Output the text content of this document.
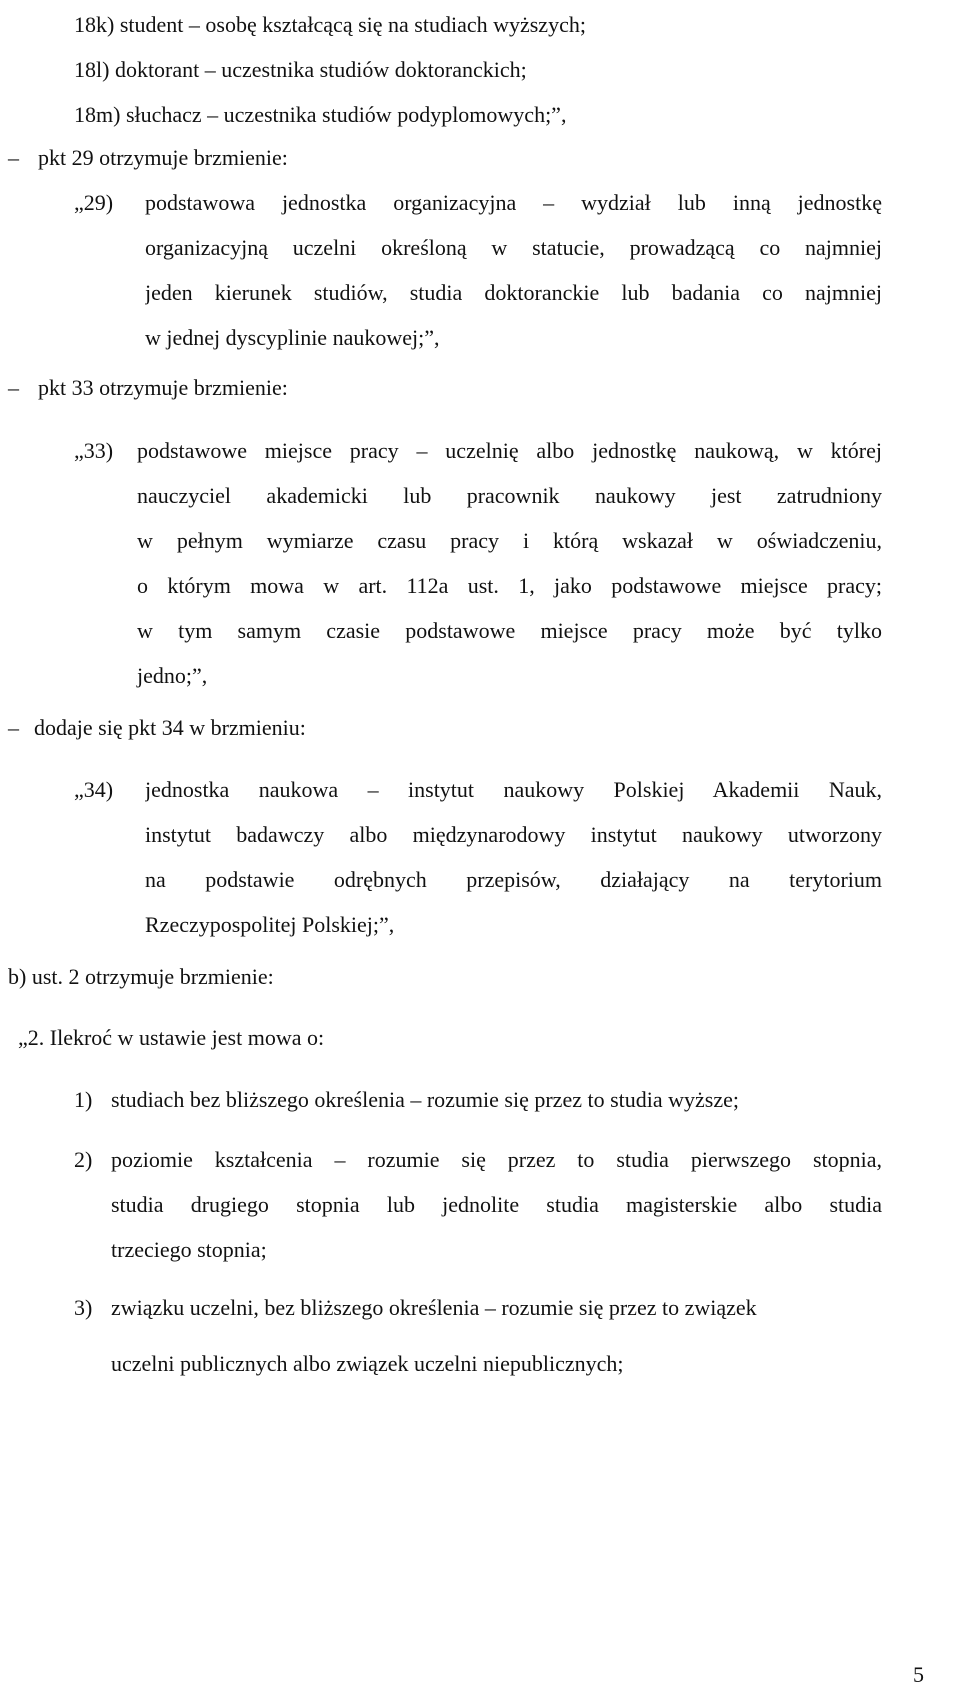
18k) student – osobę kształcącą się na studiach wyższych;
18l) doktorant – uczestnika studiów doktoranckich;
18m) słuchacz – uczestnika studiów podyplomowych;”,
– pkt 29 otrzymuje brzmienie:
„29)	podstawowa jednostka organizacyjna – wydział lub inną jednostkę
organizacyjną uczelni określoną w statucie, prowadzącą co najmniej
jeden kierunek studiów, studia doktoranckie lub badania co najmniej
w jednej dyscyplinie naukowej;”,
– pkt 33 otrzymuje brzmienie:
„33)	podstawowe miejsce pracy – uczelnię albo jednostkę naukową, w której
nauczyciel akademicki lub pracownik naukowy jest zatrudniony
w pełnym wymiarze czasu pracy i którą wskazał w oświadczeniu,
o którym mowa w art. 112a ust. 1, jako podstawowe miejsce pracy;
w tym samym czasie podstawowe miejsce pracy może być tylko
jedno;”,
– dodaje się pkt 34 w brzmieniu:
„34)	jednostka naukowa – instytut naukowy Polskiej Akademii Nauk,
instytut badawczy albo międzynarodowy instytut naukowy utworzony
na podstawie odrębnych przepisów, działający na terytorium
Rzeczypospolitej Polskiej;”,
b) ust. 2 otrzymuje brzmienie:
„2. Ilekroć w ustawie jest mowa o:
1) studiach bez bliższego określenia – rozumie się przez to studia wyższe;
2) poziomie kształcenia – rozumie się przez to studia pierwszego stopnia,
studia drugiego stopnia lub jednolite studia magisterskie albo studia
trzeciego stopnia;
3) związku uczelni, bez bliższego określenia – rozumie się przez to związek
uczelni publicznych albo związek uczelni niepublicznych;
5
